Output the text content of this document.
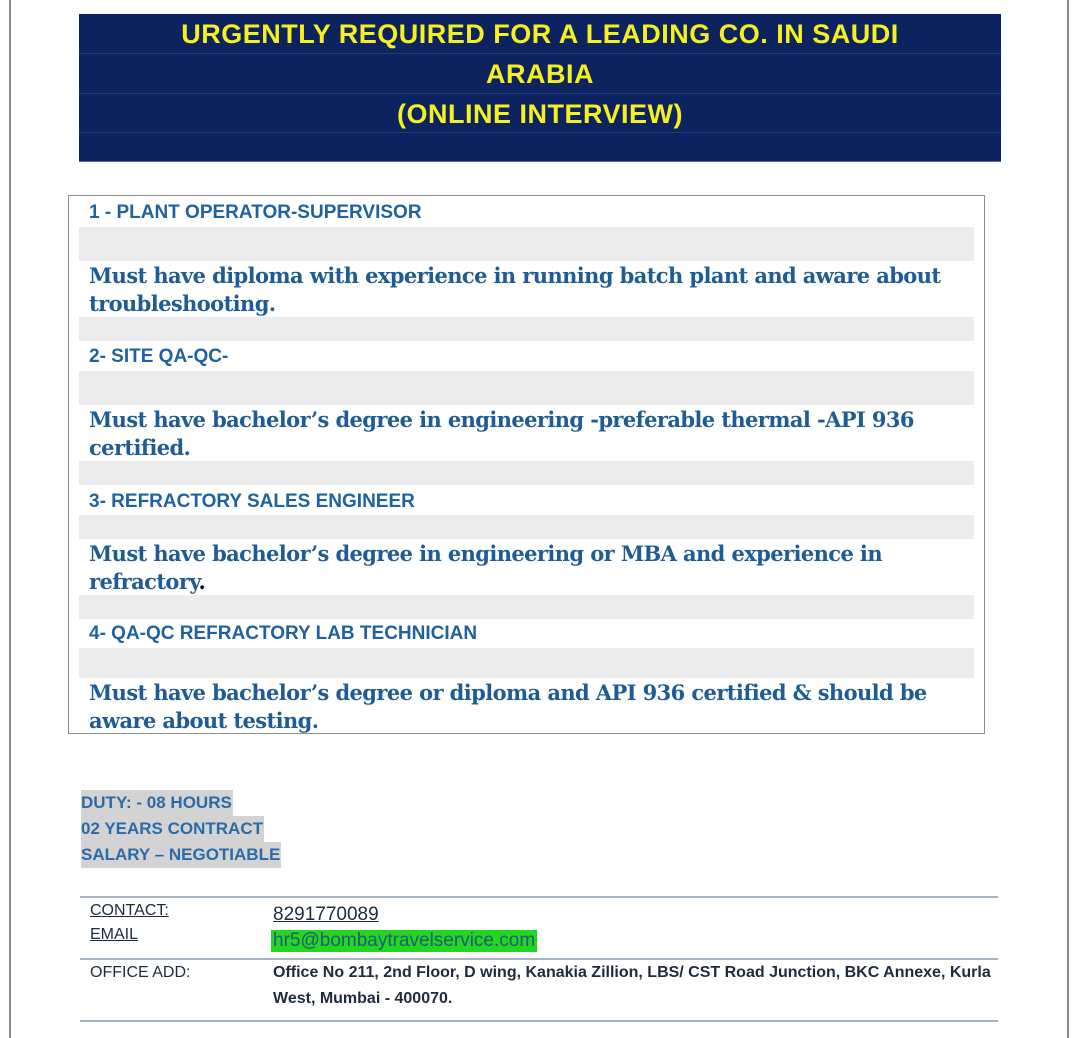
URGENTLY REQUIRED FOR A LEADING CO. IN SAUDI
ARABIA
(ONLINE INTERVIEW)
1 - PLANT OPERATOR-SUPERVISOR
Must have diploma with experience in running batch plant and aware about troubleshooting.
2- SITE QA-QC-
Must have bachelor’s degree in engineering -preferable thermal -API 936 certified.
3- REFRACTORY SALES ENGINEER
Must have bachelor’s degree in engineering or MBA and experience in refractory.
4- QA-QC REFRACTORY LAB TECHNICIAN
Must have bachelor’s degree or diploma and API 936 certified & should be aware about testing.
DUTY: - 08 HOURS
02 YEARS CONTRACT
SALARY – NEGOTIABLE
CONTACT:
EMAIL
8291770089
hr5@bombaytravelservice.com
OFFICE ADD:	Office No 211, 2nd Floor, D wing, Kanakia Zillion, LBS/ CST Road Junction, BKC Annexe, Kurla West, Mumbai - 400070.
